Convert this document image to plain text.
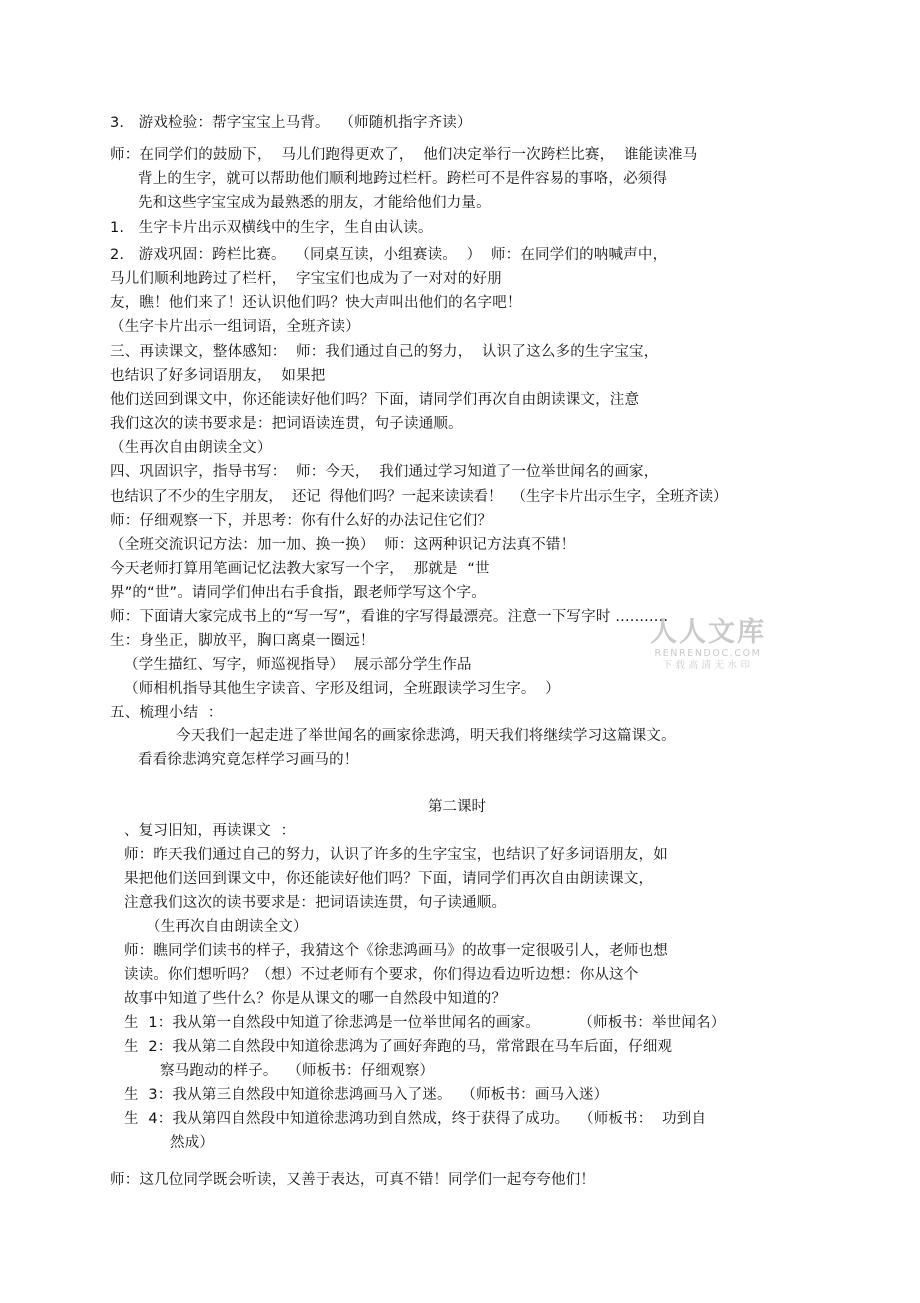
3.   游戏检验：帮字宝宝上马背。  （师随机指字齐读）
师：在同学们的鼓励下，  马儿们跑得更欢了，  他们决定举行一次跨栏比赛，  谁能读准马
背上的生字，就可以帮助他们顺利地跨过栏杆。跨栏可不是件容易的事咯，必须得
先和这些字宝宝成为最熟悉的朋友，才能给他们力量。
1.   生字卡片出示双横线中的生字，生自由认读。
2.   游戏巩固：跨栏比赛。  （同桌互读，小组赛读。  ）  师：在同学们的呐喊声中，
马儿们顺利地跨过了栏杆，  字宝宝们也成为了一对对的好朋
友，瞧！他们来了！还认识他们吗？快大声叫出他们的名字吧！
（生字卡片出示一组词语，全班齐读）
三、再读课文，整体感知：  师：我们通过自己的努力，  认识了这么多的生字宝宝，
也结识了好多词语朋友，  如果把
他们送回到课文中，你还能读好他们吗？下面，请同学们再次自由朗读课文，注意
我们这次的读书要求是：把词语读连贯，句子读通顺。
（生再次自由朗读全文）
四、巩固识字，指导书写：  师：今天，  我们通过学习知道了一位举世闻名的画家，
也结识了不少的生字朋友，  还记  得他们吗？一起来读读看！  （生字卡片出示生字，全班齐读）
师：仔细观察一下，并思考：你有什么好的办法记住它们？
（全班交流识记方法：加一加、换一换）  师：这两种识记方法真不错！
今天老师打算用笔画记忆法教大家写一个字，  那就是  “世
界”的“世”。请同学们伸出右手食指，跟老师学写这个字。
师：下面请大家完成书上的“写一写”，看谁的字写得最漂亮。注意一下写字时 ...........
生：身坐正，脚放平，胸口离桌一圈远！
（学生描红、写字，师巡视指导）  展示部分学生作品
（师相机指导其他生字读音、字形及组词，全班跟读学习生字。  ）
五、梳理小结  ：
今天我们一起走进了举世闻名的画家徐悲鸿，明天我们将继续学习这篇课文。
看看徐悲鸿究竟怎样学习画马的！
第二课时
、复习旧知，再读课文  ：
师：昨天我们通过自己的努力，认识了许多的生字宝宝，也结识了好多词语朋友，如
果把他们送回到课文中，你还能读好他们吗？下面，请同学们再次自由朗读课文，
注意我们这次的读书要求是：把词语读连贯，句子读通顺。
（生再次自由朗读全文）
师：瞧同学们读书的样子，我猜这个《徐悲鸿画马》的故事一定很吸引人，老师也想
读读。你们想听吗？（想）不过老师有个要求，你们得边看边听边想：你从这个
故事中知道了些什么？你是从课文的哪一自然段中知道的？
生  1：我从第一自然段中知道了徐悲鸿是一位举世闻名的画家。        （师板书：举世闻名）
生  2：我从第二自然段中知道徐悲鸿为了画好奔跑的马，常常跟在马车后面，仔细观
察马跑动的样子。  （师板书：仔细观察）
生  3：我从第三自然段中知道徐悲鸿画马入了迷。  （师板书：画马入迷）
生  4：我从第四自然段中知道徐悲鸿功到自然成，终于获得了成功。  （师板书：  功到自
然成）
师：这几位同学既会听读，又善于表达，可真不错！同学们一起夸夸他们！
人人文库
RENRENDOC.COM
下载高清无水印
